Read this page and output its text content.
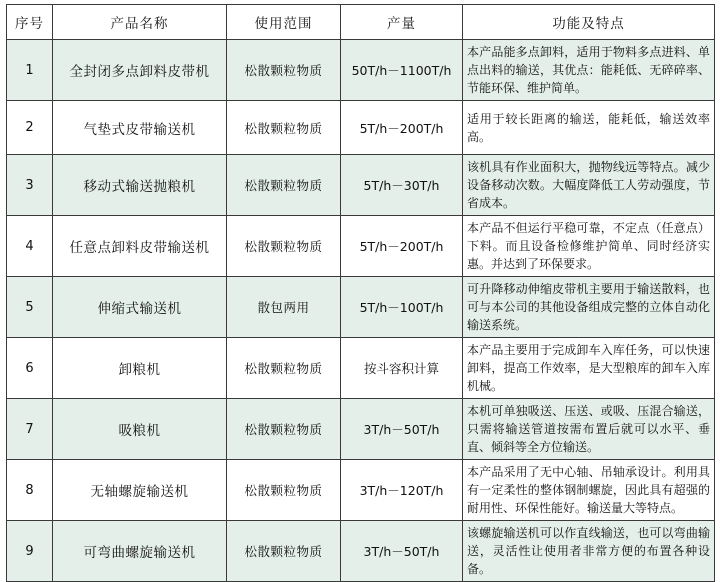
序号	产品名称	使用范围	产量	功能及特点
1	全封闭多点卸料皮带机	松散颗粒物质	50T/h－1100T/h	本产品能多点卸料，适用于物料多点进料、单点出料的输送，其优点：能耗低、无碎碎率、节能环保、维护简单。
2	气垫式皮带输送机	松散颗粒物质	5T/h－200T/h	适用于较长距离的输送，能耗低，输送效率高。
3	移动式输送抛粮机	松散颗粒物质	5T/h－30T/h	该机具有作业面积大，抛物线远等特点。减少设备移动次数。大幅度降低工人劳动强度，节省成本。
4	任意点卸料皮带输送机	松散颗粒物质	5T/h－200T/h	本产品不但运行平稳可靠，不定点（任意点）下料。而且设备检修维护简单、同时经济实惠。并达到了环保要求。
5	伸缩式输送机	散包两用	5T/h－100T/h	可升降移动伸缩皮带机主要用于输送散料，也可与本公司的其他设备组成完整的立体自动化输送系统。
6	卸粮机	松散颗粒物质	按斗容积计算	本产品主要用于完成卸车入库任务，可以快速卸料，提高工作效率，是大型粮库的卸车入库机械。
7	吸粮机	松散颗粒物质	3T/h－50T/h	本机可单独吸送、压送、或吸、压混合输送，只需将输送管道按需布置后就可以水平、垂直、倾斜等全方位输送。
8	无轴螺旋输送机	松散颗粒物质	3T/h－120T/h	本产品采用了无中心轴、吊轴承设计。利用具有一定柔性的整体钢制螺旋，因此具有超强的耐用性、环保性能好。输送量大等特点。
9	可弯曲螺旋输送机	松散颗粒物质	3T/h－50T/h	该螺旋输送机可以作直线输送，也可以弯曲输送，灵活性让使用者非常方便的布置各种设备。
